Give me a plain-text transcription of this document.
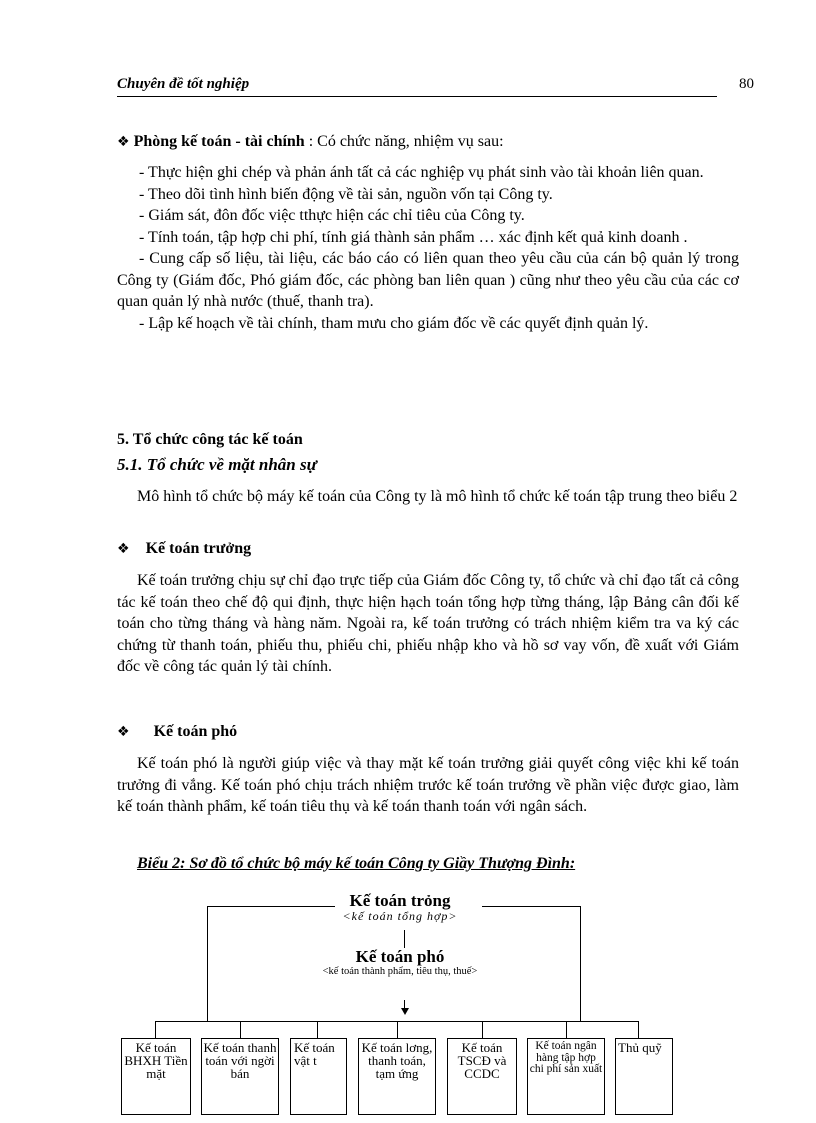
Chuyên đề tốt nghiệp	80
❖ Phòng kế toán - tài chính : Có chức năng, nhiệm vụ sau:
- Thực hiện ghi chép và phản ánh tất cả các nghiệp vụ phát sinh vào tài khoản liên quan.
- Theo dõi tình hình biến động về tài sản, nguồn vốn tại Công ty.
- Giám sát, đôn đốc việc tthực hiện các chỉ tiêu của Công ty.
- Tính toán, tập hợp chi phí, tính giá thành sản phẩm … xác định kết quả kinh doanh .
- Cung cấp số liệu, tài liệu, các báo cáo có liên quan theo yêu cầu của cán bộ quản lý trong Công ty (Giám đốc, Phó giám đốc, các phòng ban liên quan ) cũng như theo yêu cầu của các cơ quan quản lý nhà nước (thuế, thanh tra).
- Lập kế hoạch về tài chính, tham mưu cho giám đốc về các quyết định quản lý.
5. Tổ chức công tác kế toán
5.1. Tổ chức về mặt nhân sự
Mô hình tổ chức bộ máy kế toán của Công ty là mô hình tổ chức kế toán tập trung theo biểu 2
❖ Kế toán trưởng
Kế toán trưởng chịu sự chỉ đạo trực tiếp của Giám đốc Công ty, tổ chức và chỉ đạo tất cả công tác kế toán theo chế độ qui định, thực hiện hạch toán tổng hợp từng tháng, lập Bảng cân đối kế toán cho từng tháng và hàng năm. Ngoài ra, kế toán trưởng có trách nhiệm kiểm tra va ký các chứng từ thanh toán, phiếu thu, phiếu chi, phiếu nhập kho và hồ sơ vay vốn, đề xuất với Giám đốc về công tác quản lý tài chính.
❖ Kế toán phó
Kế toán phó là người giúp việc và thay mặt kế toán trưởng giải quyết công việc khi kế toán trưởng đi vắng. Kế toán phó chịu trách nhiệm trước kế toán trưởng về phần việc được giao, làm kế toán thành phẩm, kế toán tiêu thụ và kế toán thanh toán với ngân sách.
Biểu 2: Sơ đồ tổ chức bộ máy kế toán Công ty Giầy Thượng Đình:
Kế toán trỏng
<kế toán tổng hợp>
Kế toán phó
<kế toán thành phẩm, tiêu thụ, thuế>
Kế toán BHXH Tiền mặt
Kế toán thanh toán với ngời bán
Kế toán vật t
Kế toán lơng, thanh toán, tạm ứng
Kế toán TSCĐ và CCDC
Kế toán ngân hàng tập hợp chi phí sản xuất
Thủ quỹ
